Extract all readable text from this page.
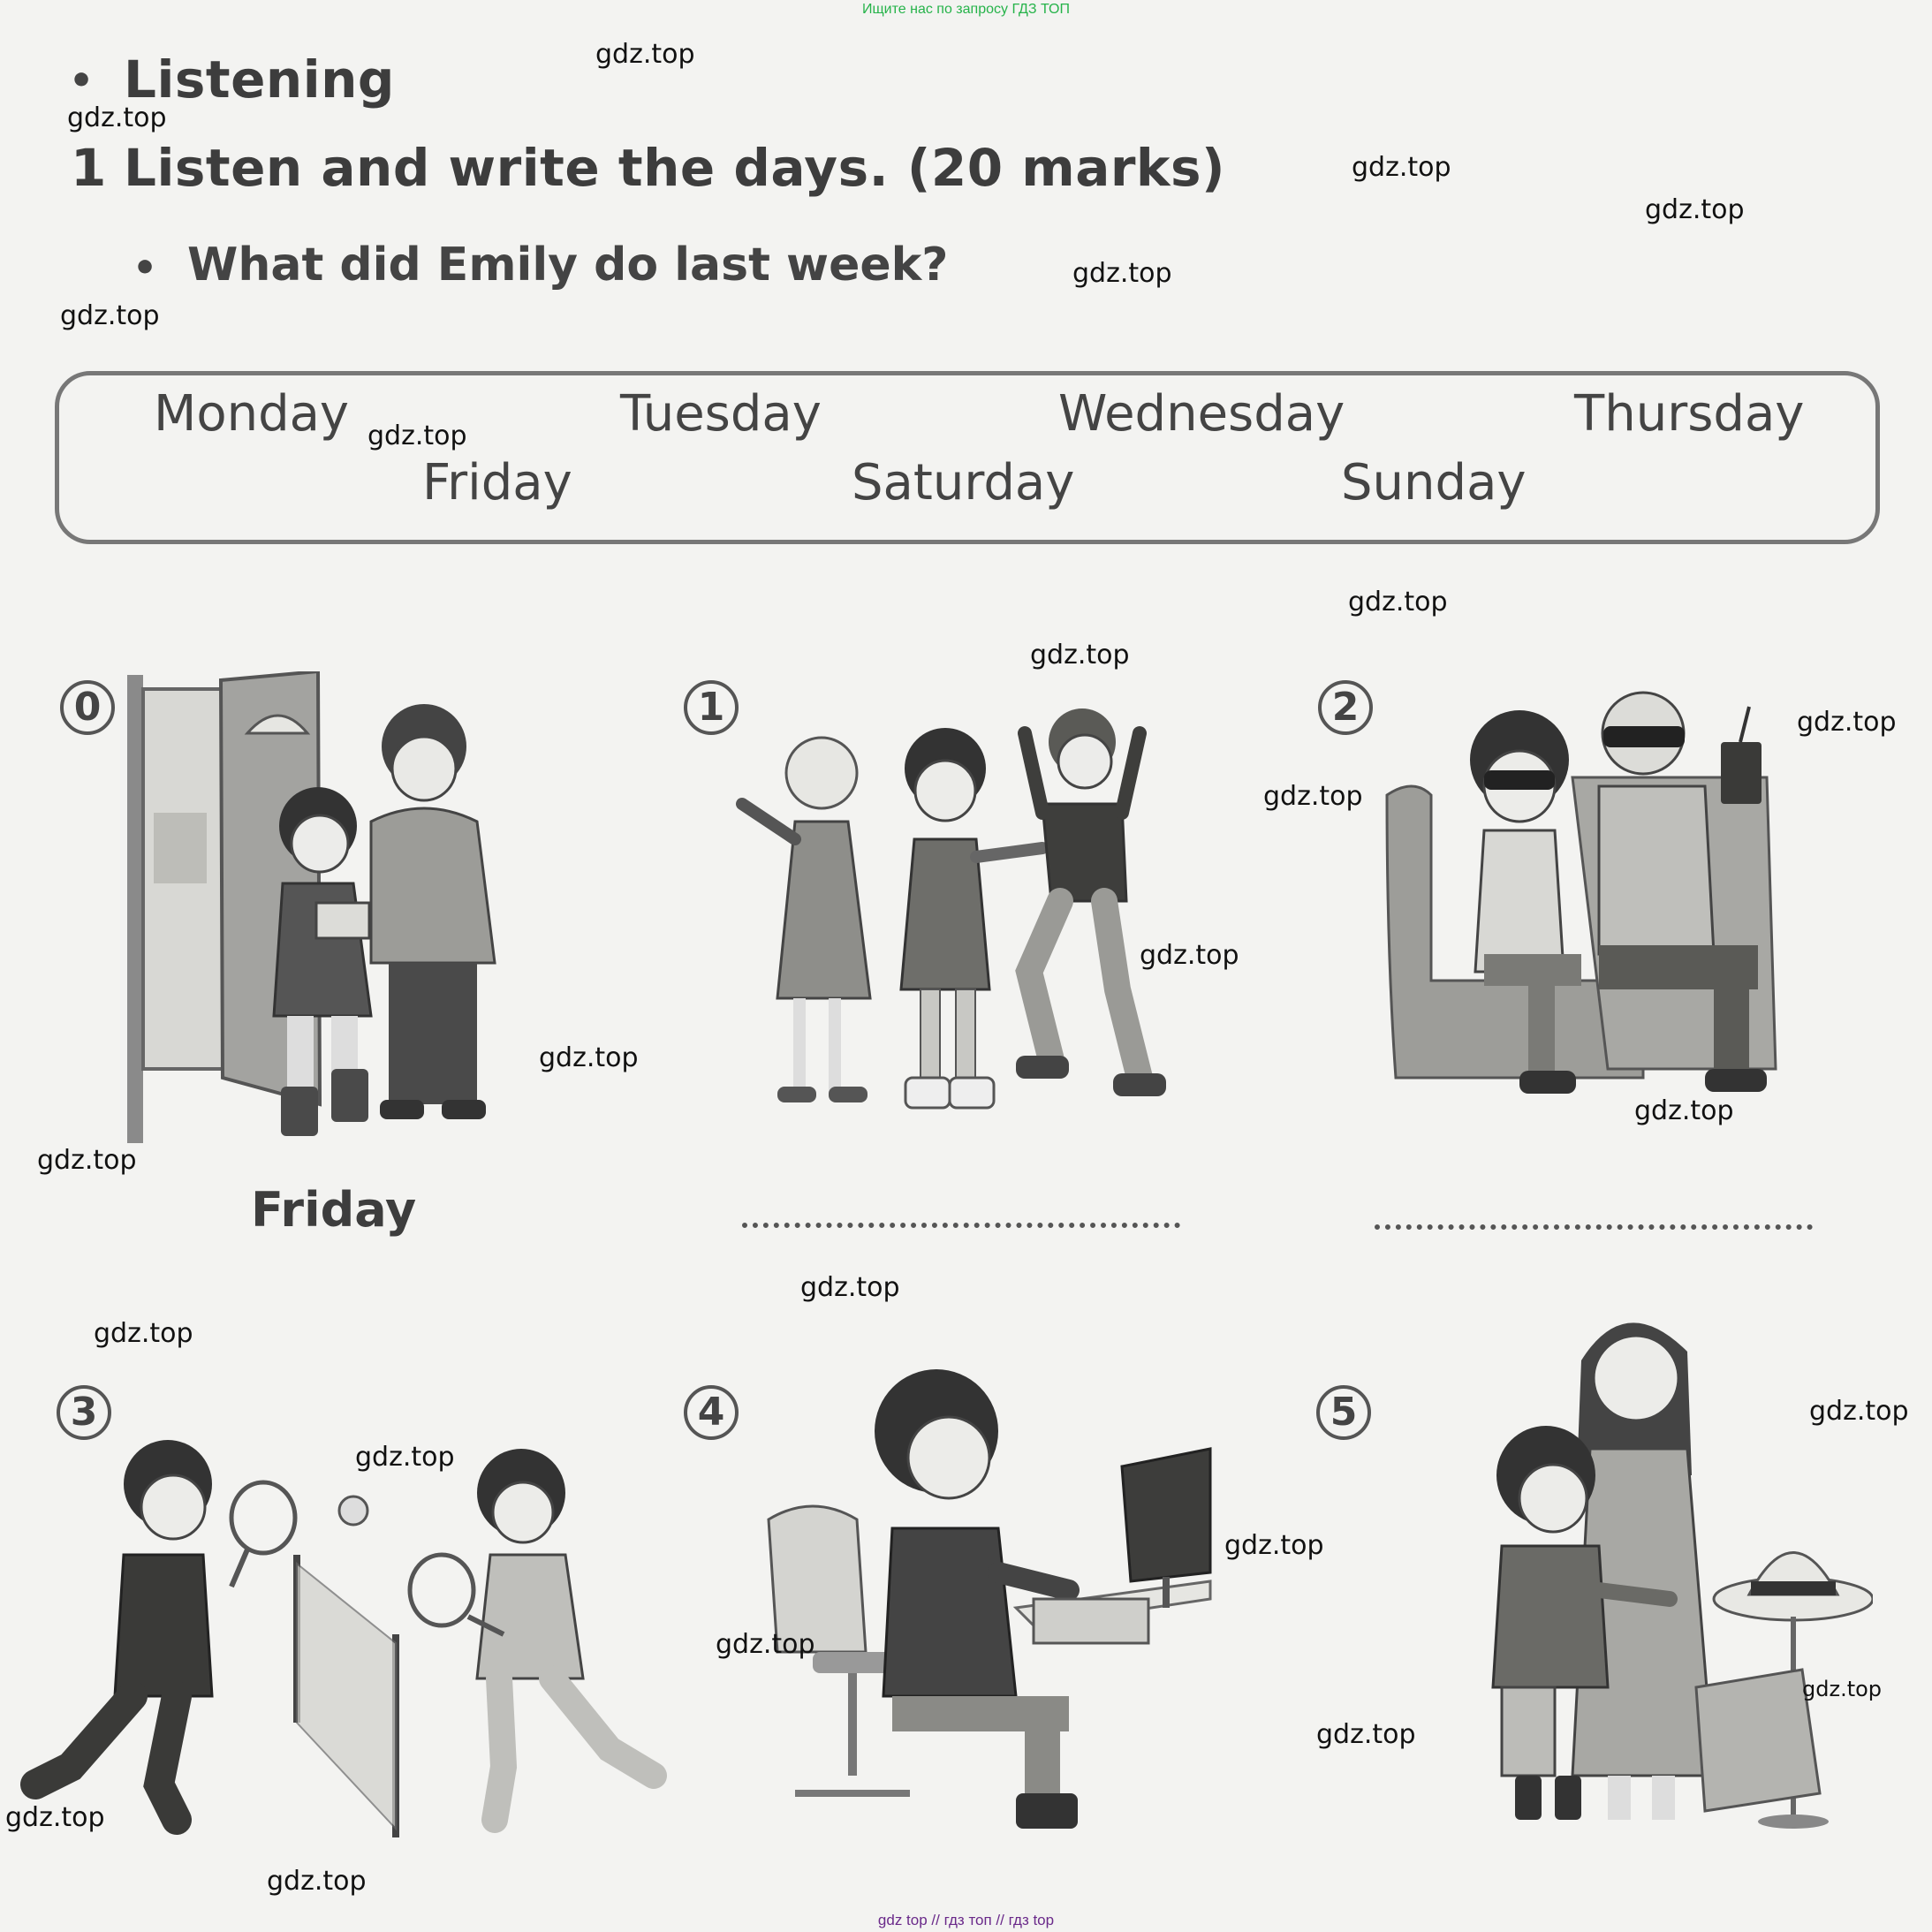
Ищите нас по запросу ГДЗ ТОП
gdz top // гдз топ // гдз top
• Listening
1 Listen and write the days. (20 marks)
• What did Emily do last week?
Monday	Tuesday	Wednesday	Thursday
Friday	Saturday	Sunday
0	1	2
3	4	5
Friday
gdz.top
gdz.top
gdz.top
gdz.top
gdz.top
gdz.top
gdz.top
gdz.top
gdz.top
gdz.top
gdz.top
gdz.top
gdz.top
gdz.top
gdz.top
gdz.top
gdz.top
gdz.top
gdz.top
gdz.top
gdz.top
gdz.top
gdz.top
gdz.top
gdz.top
